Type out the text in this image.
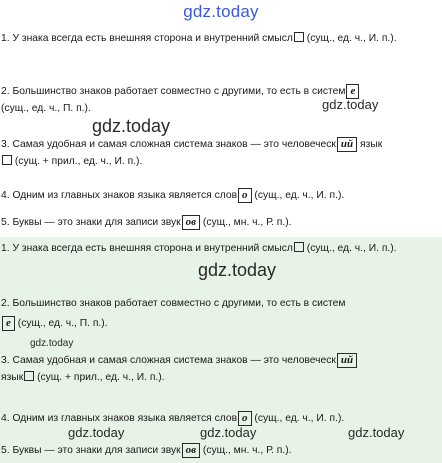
gdz.today
1. У знака всегда есть внешняя сторона и внутренний смысл (сущ., ед. ч., И. п.).
2. Большинство знаков работает совместно с другими, то есть в систем е
(сущ., ед. ч., П. п.).
3. Самая удобная и самая сложная система знаков — это человеческ ий язык
(сущ. + прил., ед. ч., И. п.).
4. Одним из главных знаков языка является слов о (сущ., ед. ч., И. п.).
5. Буквы — это знаки для записи звук ов (сущ., мн. ч., Р. п.).
1. У знака всегда есть внешняя сторона и внутренний смысл (сущ., ед. ч., И. п.).
2. Большинство знаков работает совместно с другими, то есть в систем
е (сущ., ед. ч., П. п.).
3. Самая удобная и самая сложная система знаков — это человеческ ий
язык (сущ. + прил., ед. ч., И. п.).
4. Одним из главных знаков языка является слов о (сущ., ед. ч., И. п.).
5. Буквы — это знаки для записи звук ов (сущ., мн. ч., Р. п.).
gdz.today
gdz.today
gdz.today
gdz.today
gdz.today	gdz.today	gdz.today
